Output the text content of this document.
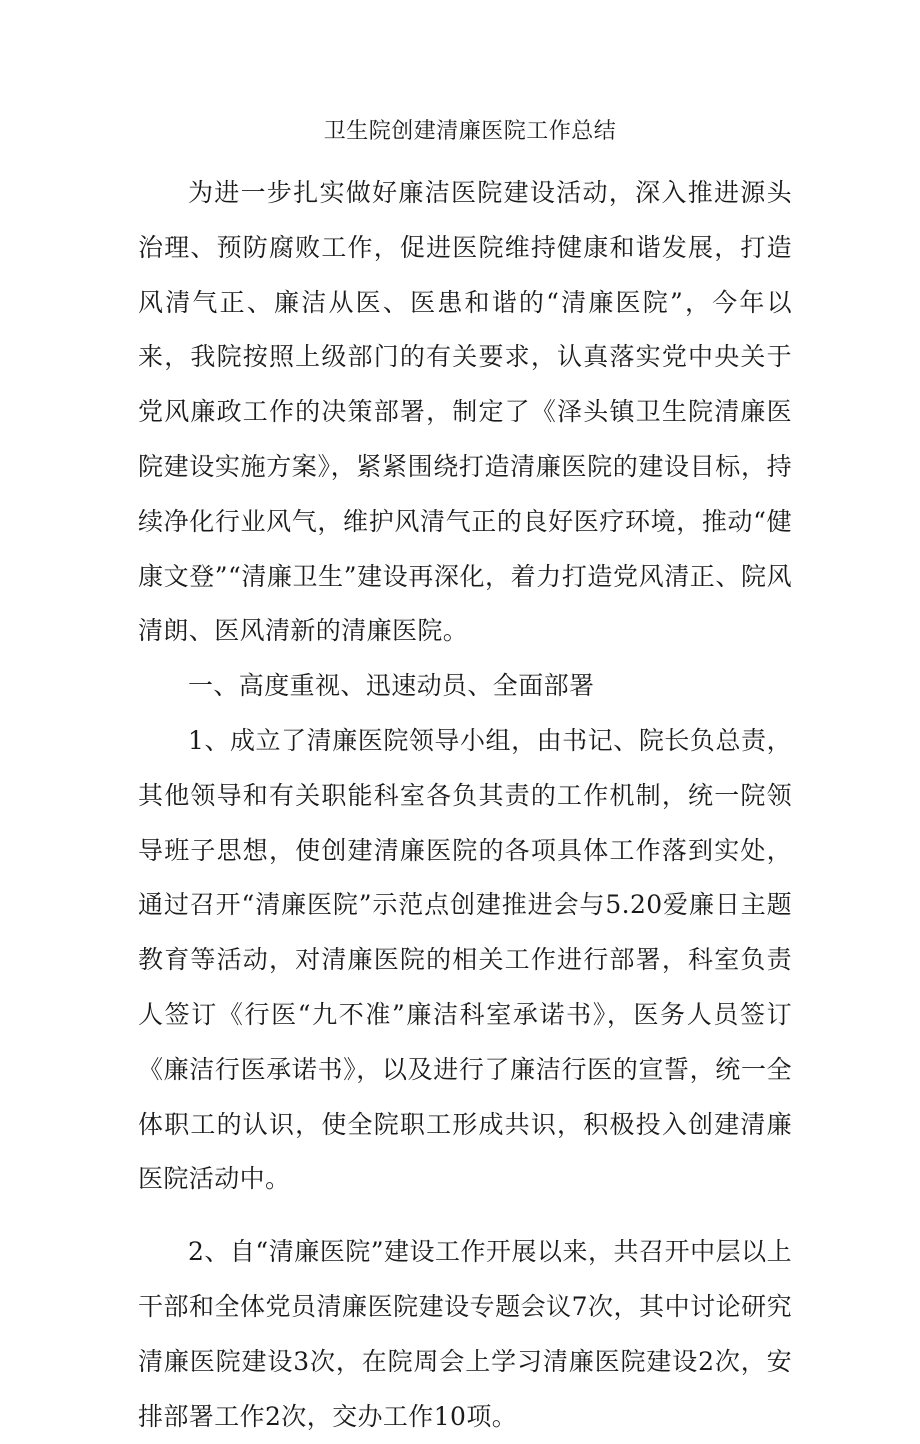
卫生院创建清廉医院工作总结

为进一步扎实做好廉洁医院建设活动，深入推进源头治理、预防腐败工作，促进医院维持健康和谐发展，打造风清气正、廉洁从医、医患和谐的“清廉医院”，今年以来，我院按照上级部门的有关要求，认真落实党中央关于党风廉政工作的决策部署，制定了《泽头镇卫生院清廉医院建设实施方案》，紧紧围绕打造清廉医院的建设目标，持续净化行业风气，维护风清气正的良好医疗环境，推动“健康文登”“清廉卫生”建设再深化，着力打造党风清正、院风清朗、医风清新的清廉医院。

一、高度重视、迅速动员、全面部署

1、成立了清廉医院领导小组，由书记、院长负总责，其他领导和有关职能科室各负其责的工作机制，统一院领导班子思想，使创建清廉医院的各项具体工作落到实处，通过召开“清廉医院”示范点创建推进会与5.20爱廉日主题教育等活动，对清廉医院的相关工作进行部署，科室负责人签订《行医“九不准”廉洁科室承诺书》，医务人员签订《廉洁行医承诺书》，以及进行了廉洁行医的宣誓，统一全体职工的认识，使全院职工形成共识，积极投入创建清廉医院活动中。

2、自“清廉医院”建设工作开展以来，共召开中层以上干部和全体党员清廉医院建设专题会议7次，其中讨论研究清廉医院建设3次，在院周会上学习清廉医院建设2次，安排部署工作2次，交办工作10项。
